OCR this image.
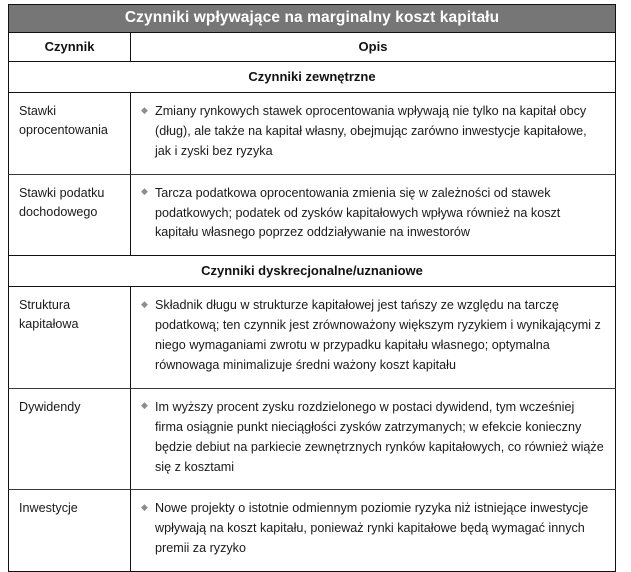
Czynniki wpływające na marginalny koszt kapitału	
Czynnik	Opis
Czynniki zewnętrzne	
Stawki oprocentowania	◆ Zmiany rynkowych stawek oprocentowania wpływają nie tylko na kapitał obcy (dług), ale także na kapitał własny, obejmując zarówno inwestycje kapitałowe, jak i zyski bez ryzyka

Stawki podatku dochodowego	◆ Tarcza podatkowa oprocentowania zmienia się w zależności od stawek podatkowych; podatek od zysków kapitałowych wpływa również na koszt kapitału własnego poprzez oddziaływanie na inwestorów

Czynniki dyskrecjonalne/uznaniowe	
Struktura kapitałowa	◆ Składnik długu w strukturze kapitałowej jest tańszy ze względu na tarczę podatkową; ten czynnik jest zrównoważony większym ryzykiem i wynikającymi z niego wymaganiami zwrotu w przypadku kapitału własnego; optymalna równowaga minimalizuje średni ważony koszt kapitału

Dywidendy	◆ Im wyższy procent zysku rozdzielonego w postaci dywidend, tym wcześniej firma osiągnie punkt nieciągłości zysków zatrzymanych; w efekcie konieczny będzie debiut na parkiecie zewnętrznych rynków kapitałowych, co również wiąże się z kosztami

Inwestycje	◆ Nowe projekty o istotnie odmiennym poziomie ryzyka niż istniejące inwestycje wpływają na koszt kapitału, ponieważ rynki kapitałowe będą wymagać innych premii za ryzyko
